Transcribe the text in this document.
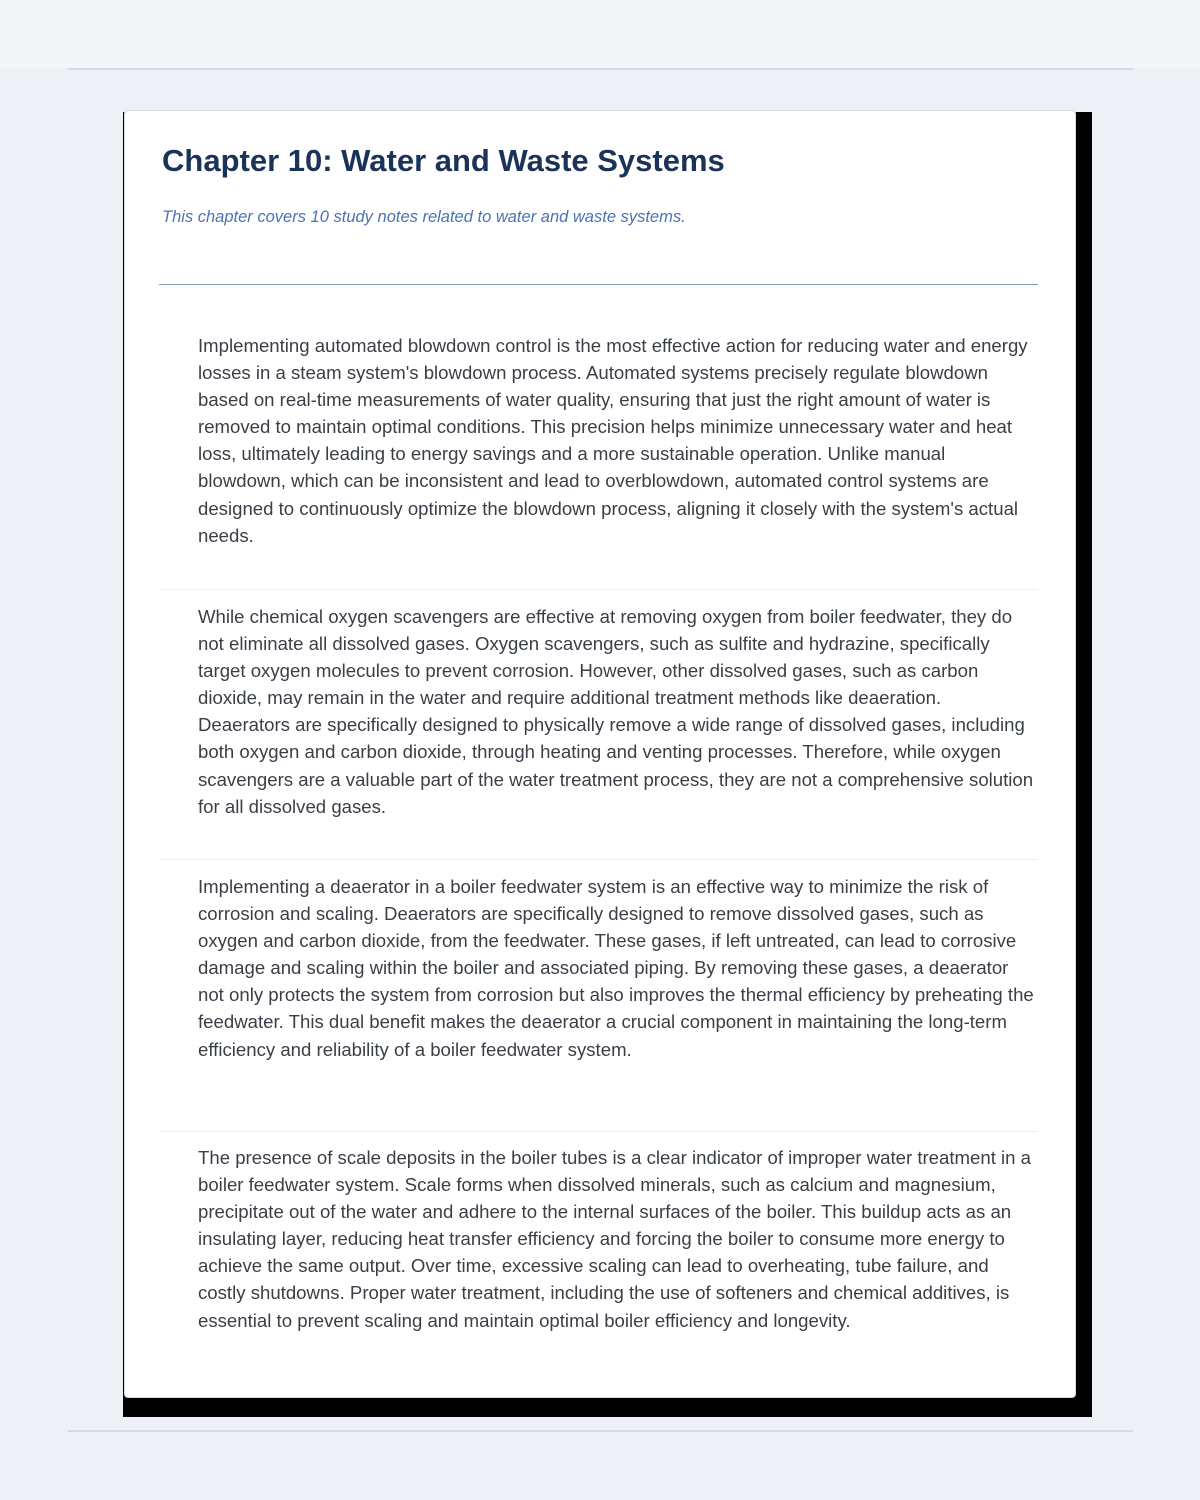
Chapter 10: Water and Waste Systems

This chapter covers 10 study notes related to water and waste systems.

Implementing automated blowdown control is the most effective action for reducing water and energy losses in a steam system's blowdown process. Automated systems precisely regulate blowdown based on real-time measurements of water quality, ensuring that just the right amount of water is removed to maintain optimal conditions. This precision helps minimize unnecessary water and heat loss, ultimately leading to energy savings and a more sustainable operation. Unlike manual blowdown, which can be inconsistent and lead to overblowdown, automated control systems are designed to continuously optimize the blowdown process, aligning it closely with the system's actual needs.

While chemical oxygen scavengers are effective at removing oxygen from boiler feedwater, they do not eliminate all dissolved gases. Oxygen scavengers, such as sulfite and hydrazine, specifically target oxygen molecules to prevent corrosion. However, other dissolved gases, such as carbon dioxide, may remain in the water and require additional treatment methods like deaeration. Deaerators are specifically designed to physically remove a wide range of dissolved gases, including both oxygen and carbon dioxide, through heating and venting processes. Therefore, while oxygen scavengers are a valuable part of the water treatment process, they are not a comprehensive solution for all dissolved gases.

Implementing a deaerator in a boiler feedwater system is an effective way to minimize the risk of corrosion and scaling. Deaerators are specifically designed to remove dissolved gases, such as oxygen and carbon dioxide, from the feedwater. These gases, if left untreated, can lead to corrosive damage and scaling within the boiler and associated piping. By removing these gases, a deaerator not only protects the system from corrosion but also improves the thermal efficiency by preheating the feedwater. This dual benefit makes the deaerator a crucial component in maintaining the long-term efficiency and reliability of a boiler feedwater system.

The presence of scale deposits in the boiler tubes is a clear indicator of improper water treatment in a boiler feedwater system. Scale forms when dissolved minerals, such as calcium and magnesium, precipitate out of the water and adhere to the internal surfaces of the boiler. This buildup acts as an insulating layer, reducing heat transfer efficiency and forcing the boiler to consume more energy to achieve the same output. Over time, excessive scaling can lead to overheating, tube failure, and costly shutdowns. Proper water treatment, including the use of softeners and chemical additives, is essential to prevent scaling and maintain optimal boiler efficiency and longevity.
